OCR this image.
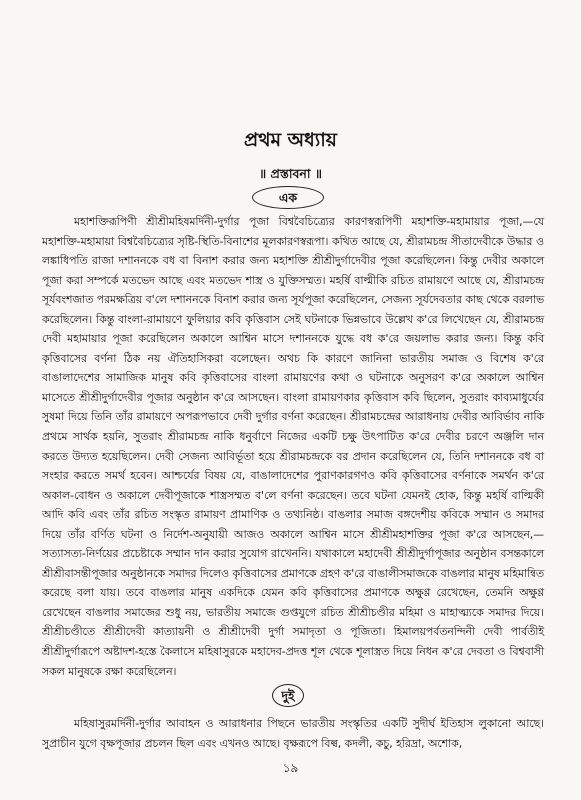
প্রথম অধ্যায়

॥ প্রস্তাবনা ॥

এক

মহাশক্তিরূপিণী শ্রীশ্রীমহিষমর্দিনী-দুর্গার পূজা বিশ্ববৈচিত্র্যের কারণস্বরূপিণী মহাশক্তি-মহামায়ার পূজা,—যে মহাশক্তি-মহামায়া বিশ্ববৈচিত্র্যের সৃষ্টি-স্থিতি-বিনাশের মূলকারণস্বরূপা। কথিত আছে যে, শ্রীরামচন্দ্র সীতাদেবীকে উদ্ধার ও লঙ্কাধিপতি রাজা দশাননকে বধ বা বিনাশ করার জন্য মহাশক্তি শ্রীশ্রীদুর্গাদেবীর পূজা করেছিলেন। কিন্তু দেবীর অকালে পূজা করা সম্পর্কে মতভেদ আছে এবং মতভেদ শাস্ত্র ও যুক্তিসম্মত। মহর্ষি বাল্মীকি রচিত রামায়ণে আছে যে, শ্রীরামচন্দ্র সূর্যবংশজাত পরমক্ষত্রিয় ব'লে দশাননকে বিনাশ করার জন্য সূর্যপূজা করেছিলেন, সেজন্য সূর্যদেবতার কাছ থেকে বরলাভ করেছিলেন। কিন্তু বাংলা-রামায়ণে ফুলিয়ার কবি কৃত্তিবাস সেই ঘটনাকে ভিন্নভাবে উল্লেখ ক'রে লিখেছেন যে, শ্রীরামচন্দ্র দেবী মহামায়ার পূজা করেছিলেন অকালে আশ্বিন মাসে দশাননকে যুদ্ধে বধ ক'রে জয়লাভ করার জন্য। কিন্তু কবি কৃত্তিবাসের বর্ণনা ঠিক নয় ঐতিহাসিকরা বলেছেন। অথচ কি কারণে জানিনা ভারতীয় সমাজ ও বিশেষ ক'রে বাঙালাদেশের সামাজিক মানুষ কবি কৃত্তিবাসের বাংলা রামায়ণের কথা ও ঘটনাকে অনুসরণ ক'রে অকালে আশ্বিন মাসেতে শ্রীশ্রীদুর্গাদেবীর পূজার অনুষ্ঠান ক'রে আসছেন। বাংলা রামায়ণকার কৃত্তিবাস কবি ছিলেন, সুতরাং কাব্যমাধুর্যের সুষমা দিয়ে তিনি তাঁর রামায়ণে অপরূপভাবে দেবী দুর্গার বর্ণনা করেছেন। শ্রীরামচন্দ্রের আরাধনায় দেবীর আবির্ভাব নাকি প্রথমে সার্থক হয়নি, সুতরাং শ্রীরামচন্দ্র নাকি ধনুর্বাণে নিজের একটি চক্ষু উৎপাটিত ক'রে দেবীর চরণে অঞ্জলি দান করতে উদ্যত হয়েছিলেন। দেবী সেজন্য আবির্ভূতা হয়ে শ্রীরামচন্দ্রকে বর প্রদান করেছিলেন যে, তিনি দশাননকে বধ বা সংহার করতে সমর্থ হবেন। আশ্চর্যের বিষয় যে, বাঙালাদেশের পুরাণকারগণও কবি কৃত্তিবাসের বর্ণনাকে সমর্থন ক'রে অকাল-বোধন ও অকালে দেবীপূজাকে শাস্ত্রসম্মত ব'লে বর্ণনা করেছেন। তবে ঘটনা যেমনই হোক, কিন্তু মহর্ষি বাল্মিকী আদি কবি এবং তাঁর রচিত সংস্কৃত রামায়ণ প্রামাণিক ও তথ্যনিষ্ঠ। বাঙলার সমাজ বঙ্গদেশীয় কবিকে সম্মান ও সমাদর দিয়ে তাঁর বর্ণিত ঘটনা ও নির্দেশ-অনুযায়ী আজও অকালে আশ্বিন মাসে শ্রীশ্রীমহাশক্তির পূজা ক'রে আসছেন,—সত্যাসত্য-নির্ণয়ের প্রচেষ্টাকে সম্মান দান করার সুযোগ রাখেননি। যথাকালে মহাদেবী শ্রীশ্রীদুর্গাপূজার অনুষ্ঠান বসন্তকালে শ্রীশ্রীবাসন্তীপূজার অনুষ্ঠানকে সমাদর দিলেও কৃত্তিবাসের প্রমাণকে গ্রহণ ক'রে বাঙালীসমাজকে বাঙলার মানুষ মহিমান্বিত করেছে বলা যায়। তবে বাঙলার মানুষ একদিকে যেমন কবি কৃত্তিবাসের প্রমাণকে অক্ষুণ্ণ রেখেছেন, তেমনি অক্ষুণ্ণ রেখেছেন বাঙলার সমাজের শুধু নয়, ভারতীয় সমাজে গুপ্তযুগে রচিত শ্রীশ্রীচণ্ডীর মহিমা ও মাহাত্ম্যকে সমাদর দিয়ে। শ্রীশ্রীচণ্ডীতে শ্রীশ্রীদেবী কাত্যায়নী ও শ্রীশ্রীদেবী দুর্গা সমাদৃতা ও পূজিতা। হিমালয়পর্বতনন্দিনী দেবী পার্বতীই শ্রীশ্রীদুর্গারূপে অষ্টাদশ-হস্তে কৈলাসে মহিষাসুরকে মহাদেব-প্রদত্ত শূল থেকে শূলাস্ত্রত দিয়ে নিধন ক'রে দেবতা ও বিশ্ববাসী সকল মানুষকে রক্ষা করেছিলেন।

দুই

মহিষাসুরমর্দিনী-দুর্গার আবাহন ও আরাধনার পিছনে ভারতীয় সংস্কৃতির একটি সুদীর্ঘ ইতিহাস লুকানো আছে। সুপ্রাচীন যুগে বৃক্ষপূজার প্রচলন ছিল এবং এখনও আছে। বৃক্ষরূপে বিল্ব, কদলী, কচু, হরিদ্রা, অশোক,

১৯
